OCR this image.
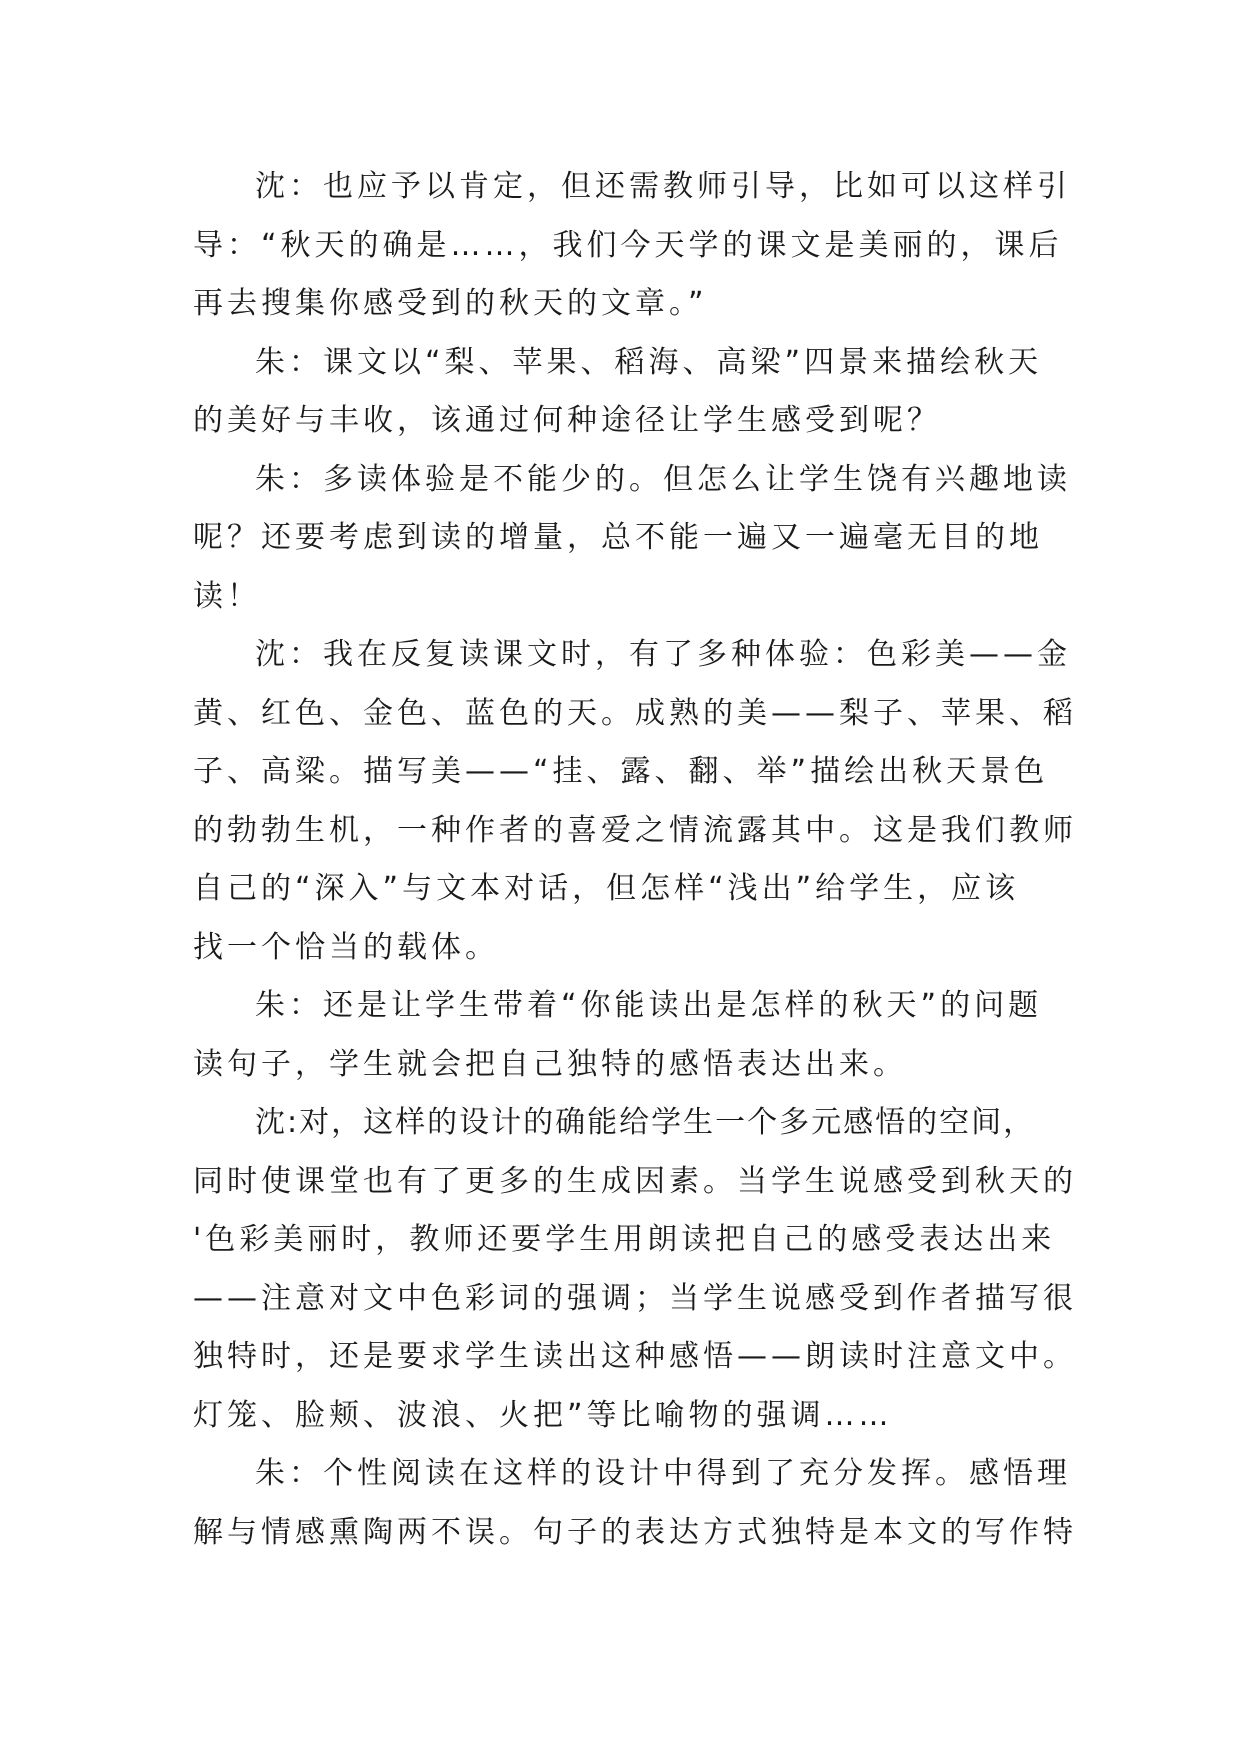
沈：也应予以肯定，但还需教师引导，比如可以这样引
导：“秋天的确是……，我们今天学的课文是美丽的，课后
再去搜集你感受到的秋天的文章。”
朱：课文以“梨、苹果、稻海、高梁”四景来描绘秋天
的美好与丰收，该通过何种途径让学生感受到呢？
朱：多读体验是不能少的。但怎么让学生饶有兴趣地读
呢？还要考虑到读的增量，总不能一遍又一遍毫无目的地
读！
沈：我在反复读课文时，有了多种体验：色彩美——金
黄、红色、金色、蓝色的天。成熟的美——梨子、苹果、稻
子、高粱。描写美——“挂、露、翻、举”描绘出秋天景色
的勃勃生机，一种作者的喜爱之情流露其中。这是我们教师
自己的“深入”与文本对话，但怎样“浅出”给学生，应该
找一个恰当的载体。
朱：还是让学生带着“你能读出是怎样的秋天”的问题
读句子，学生就会把自己独特的感悟表达出来。
沈:对，这样的设计的确能给学生一个多元感悟的空间，
同时使课堂也有了更多的生成因素。当学生说感受到秋天的
'色彩美丽时，教师还要学生用朗读把自己的感受表达出来
——注意对文中色彩词的强调；当学生说感受到作者描写很
独特时，还是要求学生读出这种感悟——朗读时注意文中。
灯笼、脸颊、波浪、火把”等比喻物的强调……
朱：个性阅读在这样的设计中得到了充分发挥。感悟理
解与情感熏陶两不误。句子的表达方式独特是本文的写作特
